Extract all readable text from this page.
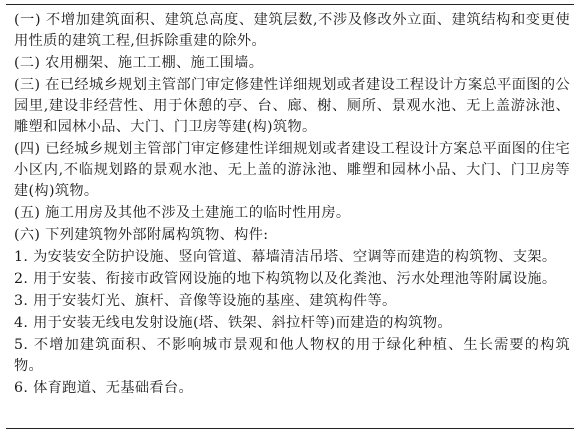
(一) 不增加建筑面积、建筑总高度、建筑层数,不涉及修改外立面、建筑结构和变更使用性质的建筑工程,但拆除重建的除外。

(二) 农用棚架、施工工棚、施工围墙。

(三) 在已经城乡规划主管部门审定修建性详细规划或者建设工程设计方案总平面图的公园里,建设非经营性、用于休憩的亭、台、廊、榭、厕所、景观水池、无上盖游泳池、雕塑和园林小品、大门、门卫房等建(构)筑物。

(四) 已经城乡规划主管部门审定修建性详细规划或者建设工程设计方案总平面图的住宅小区内,不临规划路的景观水池、无上盖的游泳池、雕塑和园林小品、大门、门卫房等建(构)筑物。

(五) 施工用房及其他不涉及土建施工的临时性用房。

(六) 下列建筑物外部附属构筑物、构件:

1. 为安装安全防护设施、竖向管道、幕墙清洁吊塔、空调等而建造的构筑物、支架。

2. 用于安装、衔接市政管网设施的地下构筑物以及化粪池、污水处理池等附属设施。

3. 用于安装灯光、旗杆、音像等设施的基座、建筑构件等。

4. 用于安装无线电发射设施(塔、铁架、斜拉杆等)而建造的构筑物。

5. 不增加建筑面积、不影响城市景观和他人物权的用于绿化种植、生长需要的构筑物。

6. 体育跑道、无基础看台。
